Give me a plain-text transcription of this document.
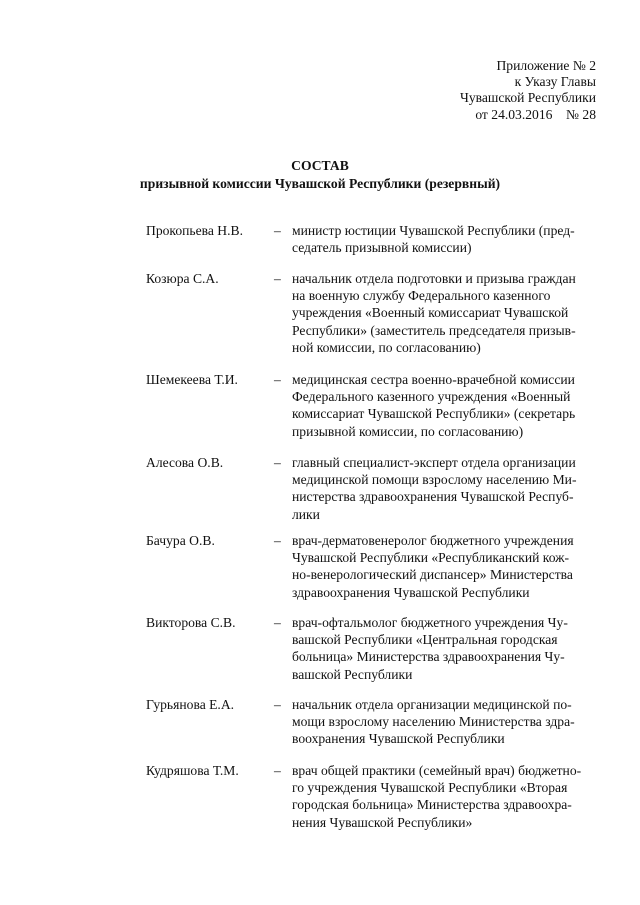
Приложение № 2
к Указу Главы
Чувашской Республики
от 24.03.2016    № 28
СОСТАВ
призывной комиссии Чувашской Республики (резервный)
Прокопьева Н.В.	– министр юстиции Чувашской Республики (пред-
седатель призывной комиссии)
Козюра С.А.	– начальник отдела подготовки и призыва граждан
на военную службу Федерального казенного
учреждения «Военный комиссариат Чувашской
Республики» (заместитель председателя призыв-
ной комиссии, по согласованию)
Шемекеева Т.И.	– медицинская сестра военно-врачебной комиссии
Федерального казенного учреждения «Военный
комиссариат Чувашской Республики» (секретарь
призывной комиссии, по согласованию)
Алесова О.В.	– главный специалист-эксперт отдела организации
медицинской помощи взрослому населению Ми-
нистерства здравоохранения Чувашской Респуб-
лики
Бачура О.В.	– врач-дерматовенеролог бюджетного учреждения
Чувашской Республики «Республиканский кож-
но-венерологический диспансер» Министерства
здравоохранения Чувашской Республики
Викторова С.В.	– врач-офтальмолог бюджетного учреждения Чу-
вашской Республики «Центральная городская
больница» Министерства здравоохранения Чу-
вашской Республики
Гурьянова Е.А.	– начальник отдела организации медицинской по-
мощи взрослому населению Министерства здра-
воохранения Чувашской Республики
Кудряшова Т.М.	– врач общей практики (семейный врач) бюджетно-
го учреждения Чувашской Республики «Вторая
городская больница» Министерства здравоохра-
нения Чувашской Республики»
